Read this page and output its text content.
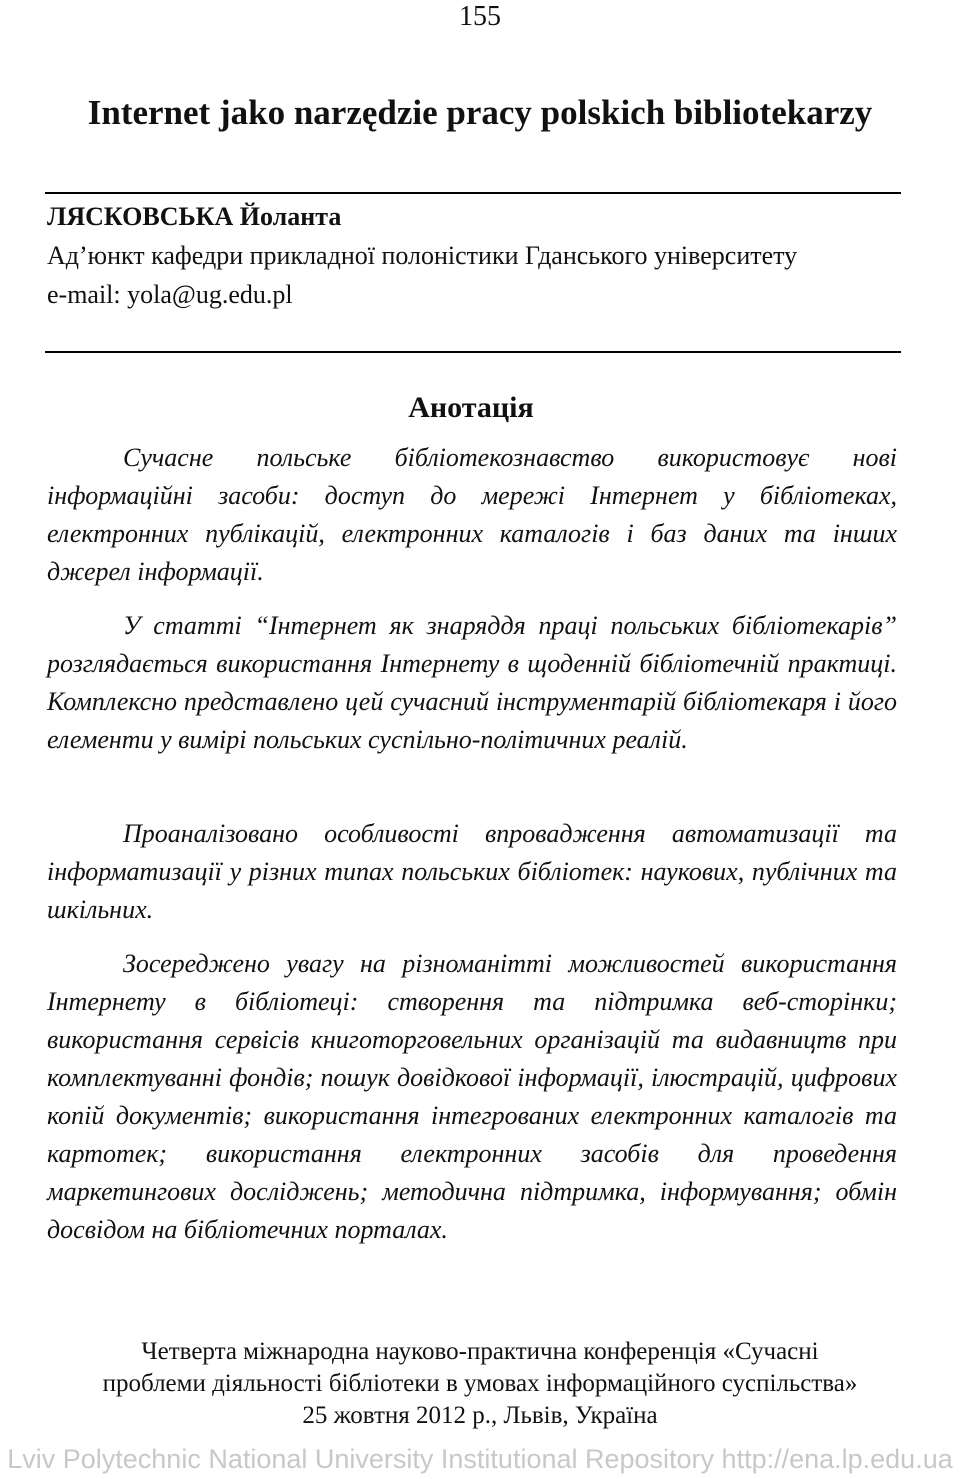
155
Internet jako narzędzie pracy polskich bibliotekarzy
ЛЯСКОВСЬКА Йоланта
Ад’юнкт кафедри прикладної полоністики Гданського університету
e-mail: yola@ug.edu.pl
Анотація

Сучасне польське бібліотекознавство використовує нові інформаційні засоби: доступ до мережі Інтернет у бібліотеках, електронних публікацій, електронних каталогів і баз даних та інших джерел інформації.

У статті “Інтернет як знаряддя праці польських бібліотекарів” розглядається використання Інтернету в щоденній бібліотечній практиці. Комплексно представлено цей сучасний інструментарій бібліотекаря і його елементи у вимірі польських суспільно-політичних реалій.

Проаналізовано особливості впровадження автоматизації та інформатизації у різних типах польських бібліотек: наукових, публічних та шкільних.

Зосереджено увагу на різноманітті можливостей використання Інтернету в бібліотеці: створення та підтримка веб-сторінки; використання сервісів книготорговельних організацій та видавництв при комплектуванні фондів; пошук довідкової інформації, ілюстрацій, цифрових копій документів; використання інтегрованих електронних каталогів та картотек; використання електронних засобів для проведення маркетингових досліджень; методична підтримка, інформування; обмін досвідом на бібліотечних порталах.

Четверта міжнародна науково-практична конференція «Сучасні
проблеми діяльності бібліотеки в умовах інформаційного суспільства»
25 жовтня 2012 р., Львів, Україна
Lviv Polytechnic National University Institutional Repository http://ena.lp.edu.ua
